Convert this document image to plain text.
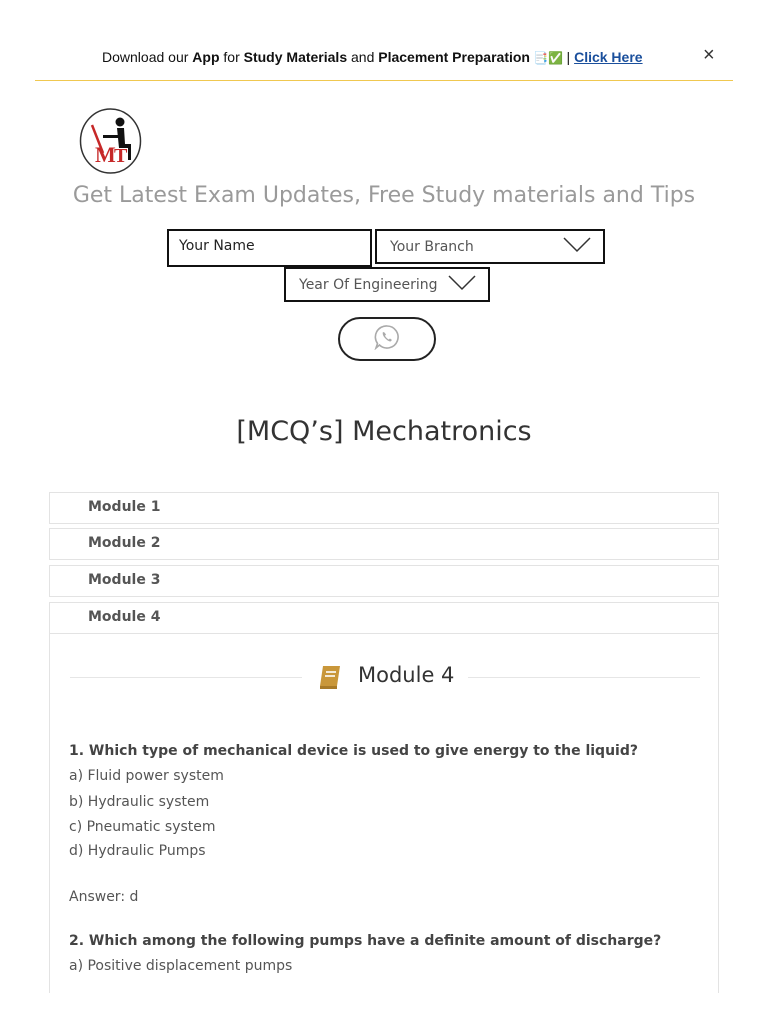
Download our App for Study Materials and Placement Preparation 📑✅ | Click Here	×
M
T
Get Latest Exam Updates, Free Study materials and Tips
Your Name	Your Branch
Year Of Engineering
[MCQ’s] Mechatronics
Module 1
Module 2
Module 3
Module 4
Module 4
1. Which type of mechanical device is used to give energy to the liquid?
a) Fluid power system
b) Hydraulic system
c) Pneumatic system
d) Hydraulic Pumps
Answer: d
2. Which among the following pumps have a definite amount of discharge?
a) Positive displacement pumps
